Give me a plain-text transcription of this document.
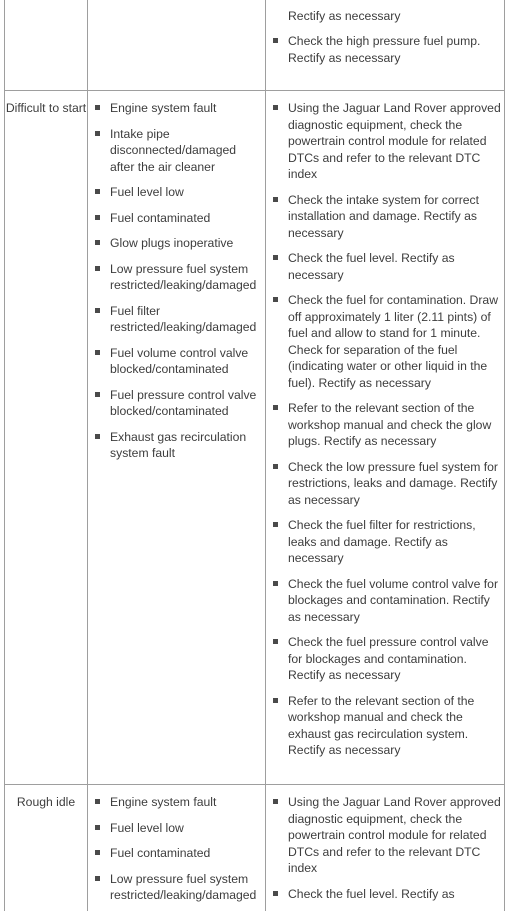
Rectify as necessary
Check the high pressure fuel pump. Rectify as necessary
Difficult to start	Engine system fault
Intake pipe disconnected/damaged after the air cleaner
Fuel level low
Fuel contaminated
Glow plugs inoperative
Low pressure fuel system restricted/leaking/damaged
Fuel filter restricted/leaking/damaged
Fuel volume control valve blocked/contaminated
Fuel pressure control valve blocked/contaminated
Exhaust gas recirculation system fault
Using the Jaguar Land Rover approved diagnostic equipment, check the powertrain control module for related DTCs and refer to the relevant DTC index
Check the intake system for correct installation and damage. Rectify as necessary
Check the fuel level. Rectify as necessary
Check the fuel for contamination. Draw off approximately 1 liter (2.11 pints) of fuel and allow to stand for 1 minute. Check for separation of the fuel (indicating water or other liquid in the fuel). Rectify as necessary
Refer to the relevant section of the workshop manual and check the glow plugs. Rectify as necessary
Check the low pressure fuel system for restrictions, leaks and damage. Rectify as necessary
Check the fuel filter for restrictions, leaks and damage. Rectify as necessary
Check the fuel volume control valve for blockages and contamination. Rectify as necessary
Check the fuel pressure control valve for blockages and contamination. Rectify as necessary
Refer to the relevant section of the workshop manual and check the exhaust gas recirculation system. Rectify as necessary
Rough idle	Engine system fault
Fuel level low
Fuel contaminated
Low pressure fuel system restricted/leaking/damaged
Using the Jaguar Land Rover approved diagnostic equipment, check the powertrain control module for related DTCs and refer to the relevant DTC index
Check the fuel level. Rectify as
